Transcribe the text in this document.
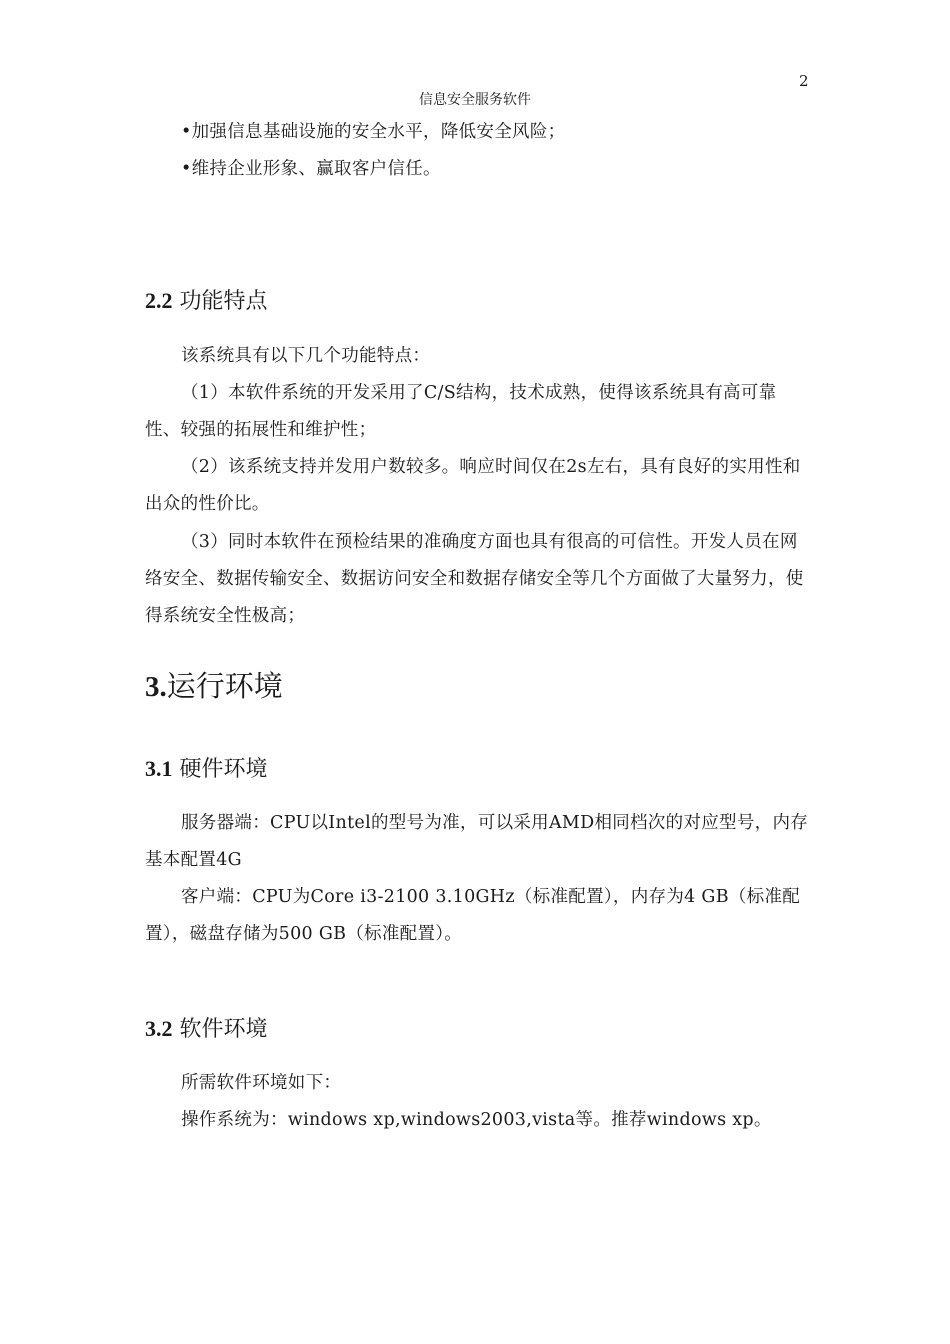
2
信息安全服务软件

•加强信息基础设施的安全水平，降低安全风险；

•维持企业形象、赢取客户信任。

2.2 功能特点

该系统具有以下几个功能特点：

（1）本软件系统的开发采用了C/S结构，技术成熟，使得该系统具有高可靠性、较强的拓展性和维护性；

（2）该系统支持并发用户数较多。响应时间仅在2s左右，具有良好的实用性和出众的性价比。

（3）同时本软件在预检结果的准确度方面也具有很高的可信性。开发人员在网络安全、数据传输安全、数据访问安全和数据存储安全等几个方面做了大量努力，使得系统安全性极高；

3.运行环境
3.1 硬件环境

服务器端：CPU以Intel的型号为准，可以采用AMD相同档次的对应型号，内存基本配置4G

客户端：CPU为Core i3-2100 3.10GHz（标准配置），内存为4 GB（标准配置），磁盘存储为500 GB（标准配置）。

3.2 软件环境

所需软件环境如下：

操作系统为：windows xp,windows2003,vista等。推荐windows xp。
